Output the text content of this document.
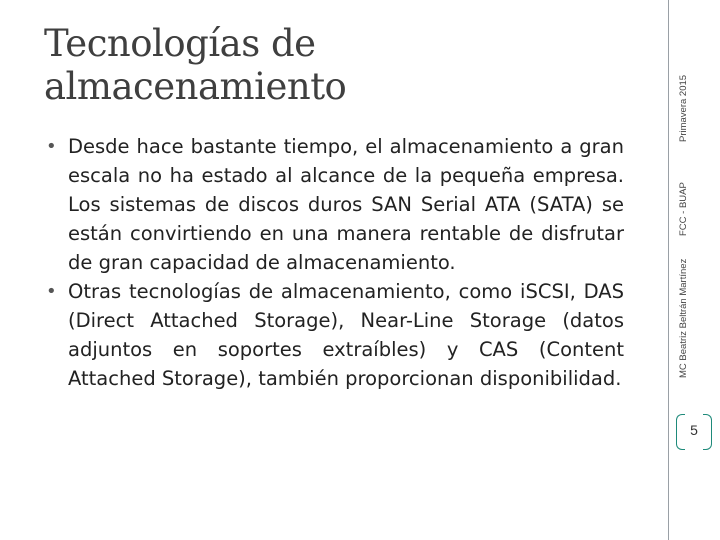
Tecnologías de
almacenamiento

• Desde hace bastante tiempo, el almacenamiento a gran escala no ha estado al alcance de la pequeña empresa. Los sistemas de discos duros SAN Serial ATA (SATA) se están convirtiendo en una manera rentable de disfrutar de gran capacidad de almacenamiento.

• Otras tecnologías de almacenamiento, como iSCSI, DAS (Direct Attached Storage), Near-Line Storage (datos adjuntos en soportes extraíbles) y CAS (Content Attached Storage), también proporcionan disponibilidad.

Primavera 2015
FCC - BUAP
MC Beatriz Beltrán Martínez
5
